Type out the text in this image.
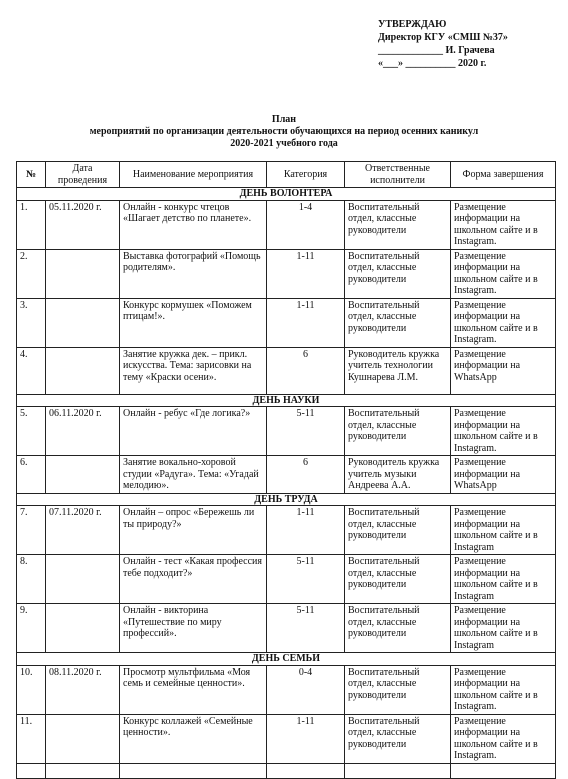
УТВЕРЖДАЮ
Директор КГУ «СМШ №37»
_____________ И. Грачева
«___» __________ 2020 г.
План
мероприятий по организации деятельности обучающихся на период осенних каникул
2020-2021 учебного года
№	Дата проведения	Наименование мероприятия	Категория	Ответственные исполнители	Форма завершения
ДЕНЬ ВОЛОНТЕРА					
1.	05.11.2020 г.	Онлайн - конкурс чтецов «Шагает детство по планете».	1-4	Воспитательный отдел, классные руководители	Размещение информации на школьном сайте и в Instagram.
2.		Выставка фотографий «Помощь родителям».	1-11	Воспитательный отдел, классные руководители	Размещение информации на школьном сайте и в Instagram.
3.		Конкурс кормушек «Поможем птицам!».	1-11	Воспитательный отдел, классные руководители	Размещение информации на школьном сайте и в Instagram.
4.		Занятие кружка дек. – прикл. искусства. Тема: зарисовки на тему «Краски осени».	6	Руководитель кружка учитель технологии Кушнарева Л.М.	Размещение информации на WhatsApp
ДЕНЬ НАУКИ					
5.	06.11.2020 г.	Онлайн - ребус «Где логика?»	5-11	Воспитательный отдел, классные руководители	Размещение информации на школьном сайте и в Instagram.
6.		Занятие вокально-хоровой студии «Радуга». Тема: «Угадай мелодию».	6	Руководитель кружка учитель музыки Андреева А.А.	Размещение информации на WhatsApp
ДЕНЬ ТРУДА					
7.	07.11.2020 г.	Онлайн – опрос «Бережешь ли ты природу?»	1-11	Воспитательный отдел, классные руководители	Размещение информации на школьном сайте и в Instagram
8.		Онлайн - тест «Какая профессия тебе подходит?»	5-11	Воспитательный отдел, классные руководители	Размещение информации на школьном сайте и в Instagram
9.		Онлайн - викторина «Путешествие по миру профессий».	5-11	Воспитательный отдел, классные руководители	Размещение информации на школьном сайте и в Instagram
ДЕНЬ СЕМЬИ					
10.	08.11.2020 г.	Просмотр мультфильма «Моя семь и семейные ценности».	0-4	Воспитательный отдел, классные руководители	Размещение информации на школьном сайте и в Instagram.
11.		Конкурс коллажей «Семейные ценности».	1-11	Воспитательный отдел, классные руководители	Размещение информации на школьном сайте и в Instagram.
